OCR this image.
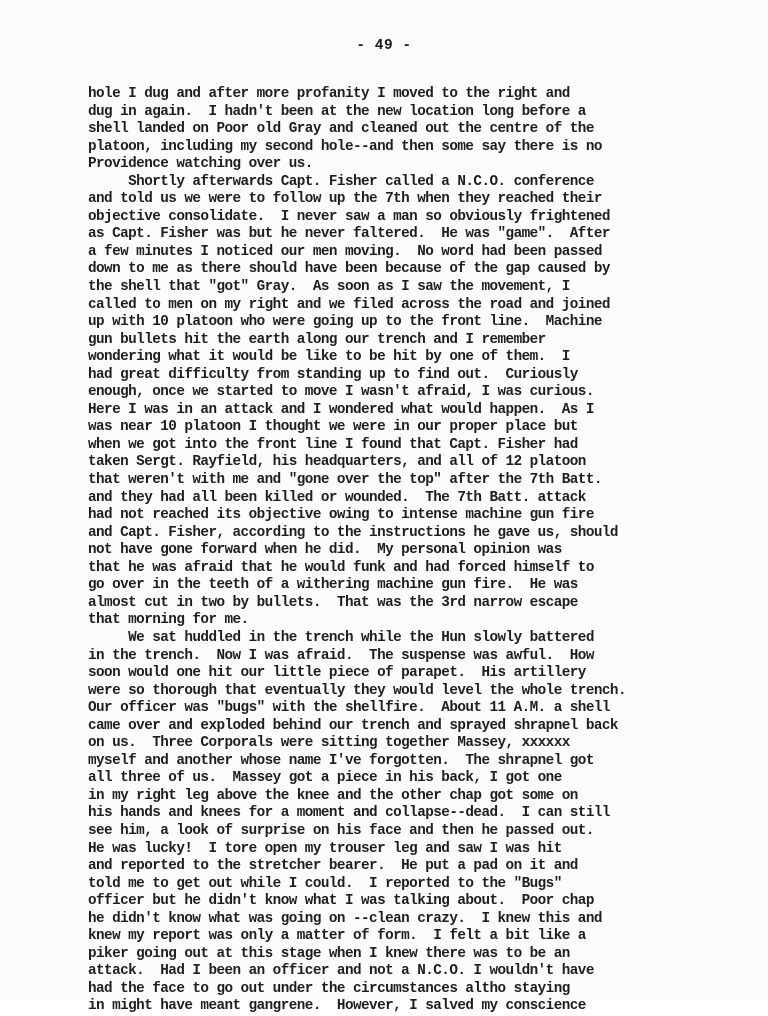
- 49 -
hole I dug and after more profanity I moved to the right and
dug in again.  I hadn't been at the new location long before a
shell landed on Poor old Gray and cleaned out the centre of the
platoon, including my second hole--and then some say there is no
Providence watching over us.
Shortly afterwards Capt. Fisher called a N.C.O. conference
and told us we were to follow up the 7th when they reached their
objective consolidate.  I never saw a man so obviously frightened
as Capt. Fisher was but he never faltered.  He was "game".  After
a few minutes I noticed our men moving.  No word had been passed
down to me as there should have been because of the gap caused by
the shell that "got" Gray.  As soon as I saw the movement, I
called to men on my right and we filed across the road and joined
up with 10 platoon who were going up to the front line.  Machine
gun bullets hit the earth along our trench and I remember
wondering what it would be like to be hit by one of them.  I
had great difficulty from standing up to find out.  Curiously
enough, once we started to move I wasn't afraid, I was curious.
Here I was in an attack and I wondered what would happen.  As I
was near 10 platoon I thought we were in our proper place but
when we got into the front line I found that Capt. Fisher had
taken Sergt. Rayfield, his headquarters, and all of 12 platoon
that weren't with me and "gone over the top" after the 7th Batt.
and they had all been killed or wounded.  The 7th Batt. attack
had not reached its objective owing to intense machine gun fire
and Capt. Fisher, according to the instructions he gave us, should
not have gone forward when he did.  My personal opinion was
that he was afraid that he would funk and had forced himself to
go over in the teeth of a withering machine gun fire.  He was
almost cut in two by bullets.  That was the 3rd narrow escape
that morning for me.
We sat huddled in the trench while the Hun slowly battered
in the trench.  Now I was afraid.  The suspense was awful.  How
soon would one hit our little piece of parapet.  His artillery
were so thorough that eventually they would level the whole trench.
Our officer was "bugs" with the shellfire.  About 11 A.M. a shell
came over and exploded behind our trench and sprayed shrapnel back
on us.  Three Corporals were sitting together Massey, xxxxxx
myself and another whose name I've forgotten.  The shrapnel got
all three of us.  Massey got a piece in his back, I got one
in my right leg above the knee and the other chap got some on
his hands and knees for a moment and collapse--dead.  I can still
see him, a look of surprise on his face and then he passed out.
He was lucky!  I tore open my trouser leg and saw I was hit
and reported to the stretcher bearer.  He put a pad on it and
told me to get out while I could.  I reported to the "Bugs"
officer but he didn't know what I was talking about.  Poor chap
he didn't know what was going on --clean crazy.  I knew this and
knew my report was only a matter of form.  I felt a bit like a
piker going out at this stage when I knew there was to be an
attack.  Had I been an officer and not a N.C.O. I wouldn't have
had the face to go out under the circumstances altho staying
in might have meant gangrene.  However, I salved my conscience
